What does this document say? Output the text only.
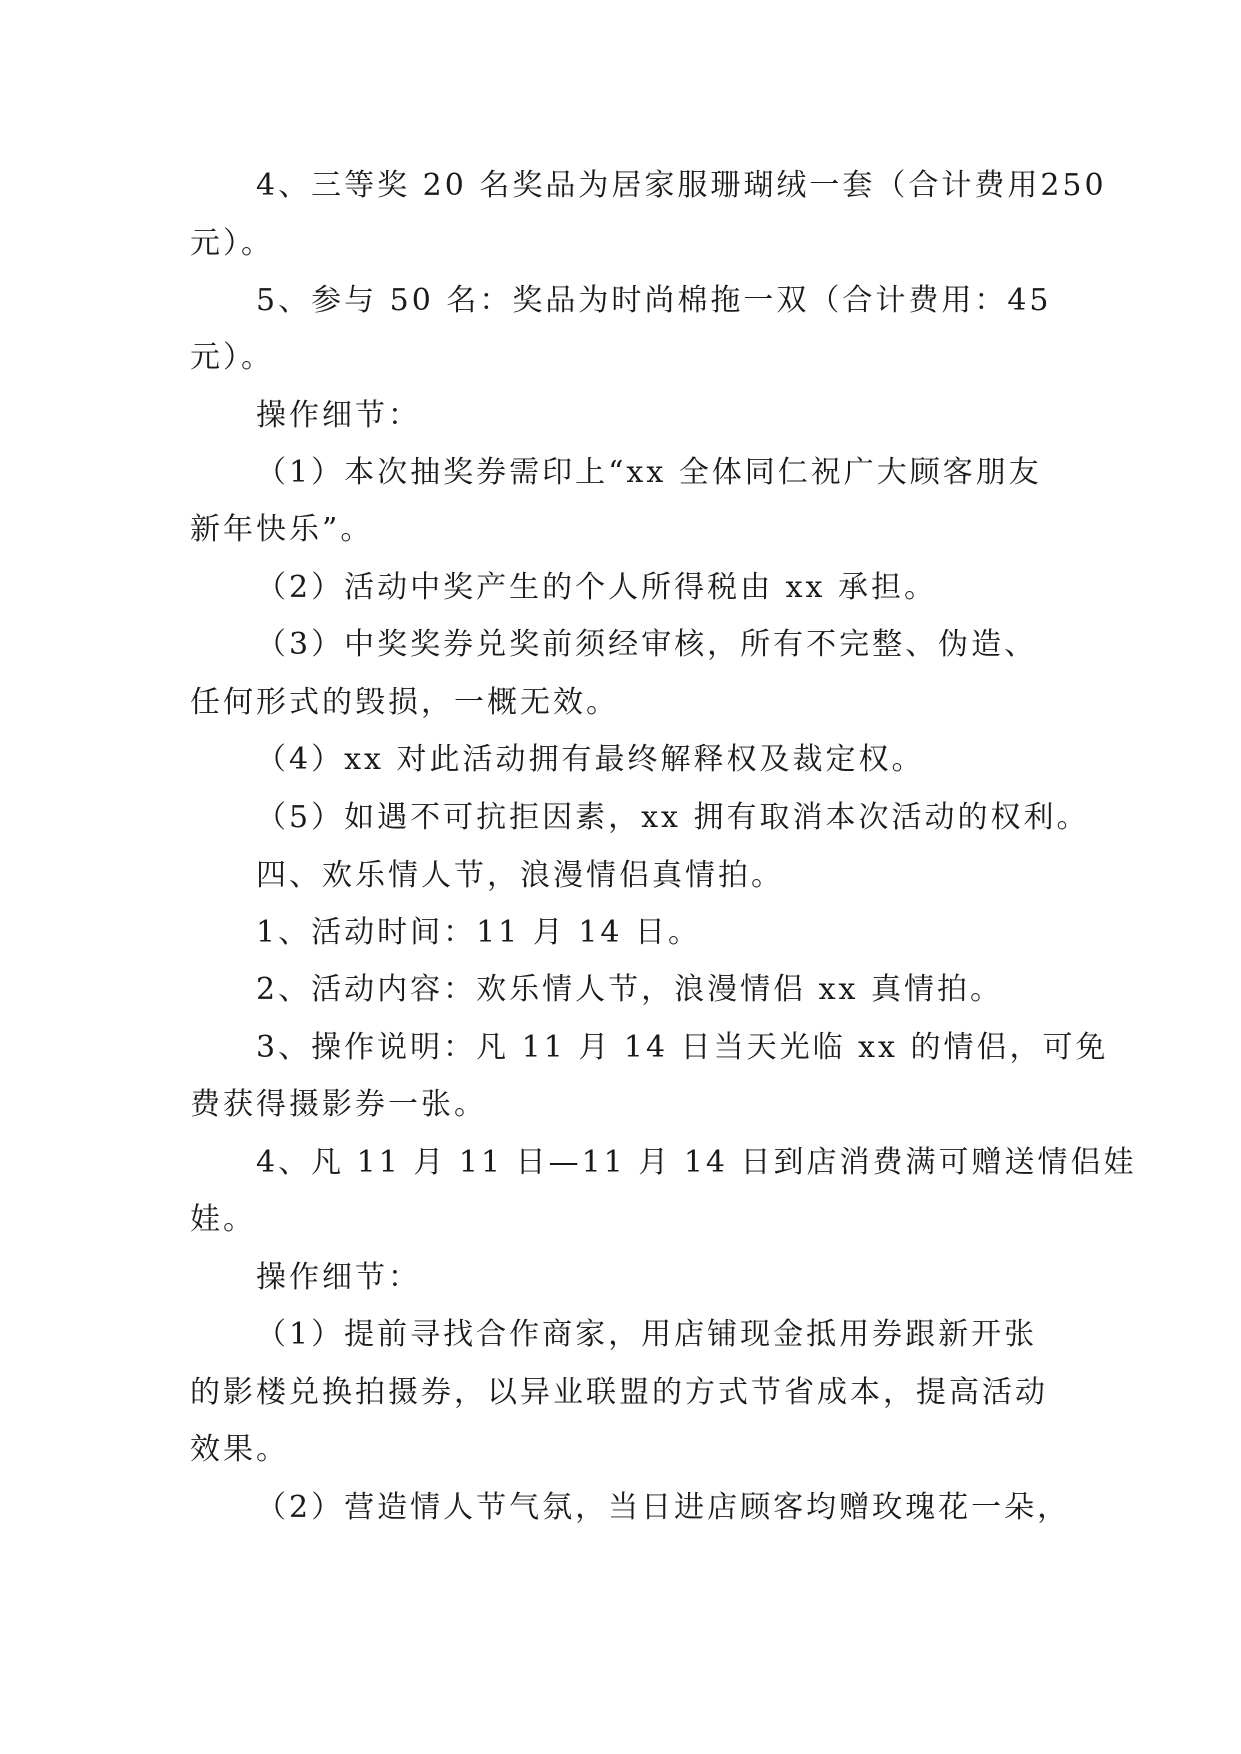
4、三等奖 20 名奖品为居家服珊瑚绒一套（合计费用250
元）。
5、参与 50 名：奖品为时尚棉拖一双（合计费用：45
元）。
操作细节：
（1）本次抽奖券需印上“xx 全体同仁祝广大顾客朋友
新年快乐”。
（2）活动中奖产生的个人所得税由 xx 承担。
（3）中奖奖券兑奖前须经审核，所有不完整、伪造、
任何形式的毁损，一概无效。
（4）xx 对此活动拥有最终解释权及裁定权。
（5）如遇不可抗拒因素，xx 拥有取消本次活动的权利。
四、欢乐情人节，浪漫情侣真情拍。
1、活动时间：11 月 14 日。
2、活动内容：欢乐情人节，浪漫情侣 xx 真情拍。
3、操作说明：凡 11 月 14 日当天光临 xx 的情侣，可免
费获得摄影券一张。
4、凡 11 月 11 日—11 月 14 日到店消费满可赠送情侣娃
娃。
操作细节：
（1）提前寻找合作商家，用店铺现金抵用券跟新开张
的影楼兑换拍摄券，以异业联盟的方式节省成本，提高活动
效果。
（2）营造情人节气氛，当日进店顾客均赠玫瑰花一朵，
